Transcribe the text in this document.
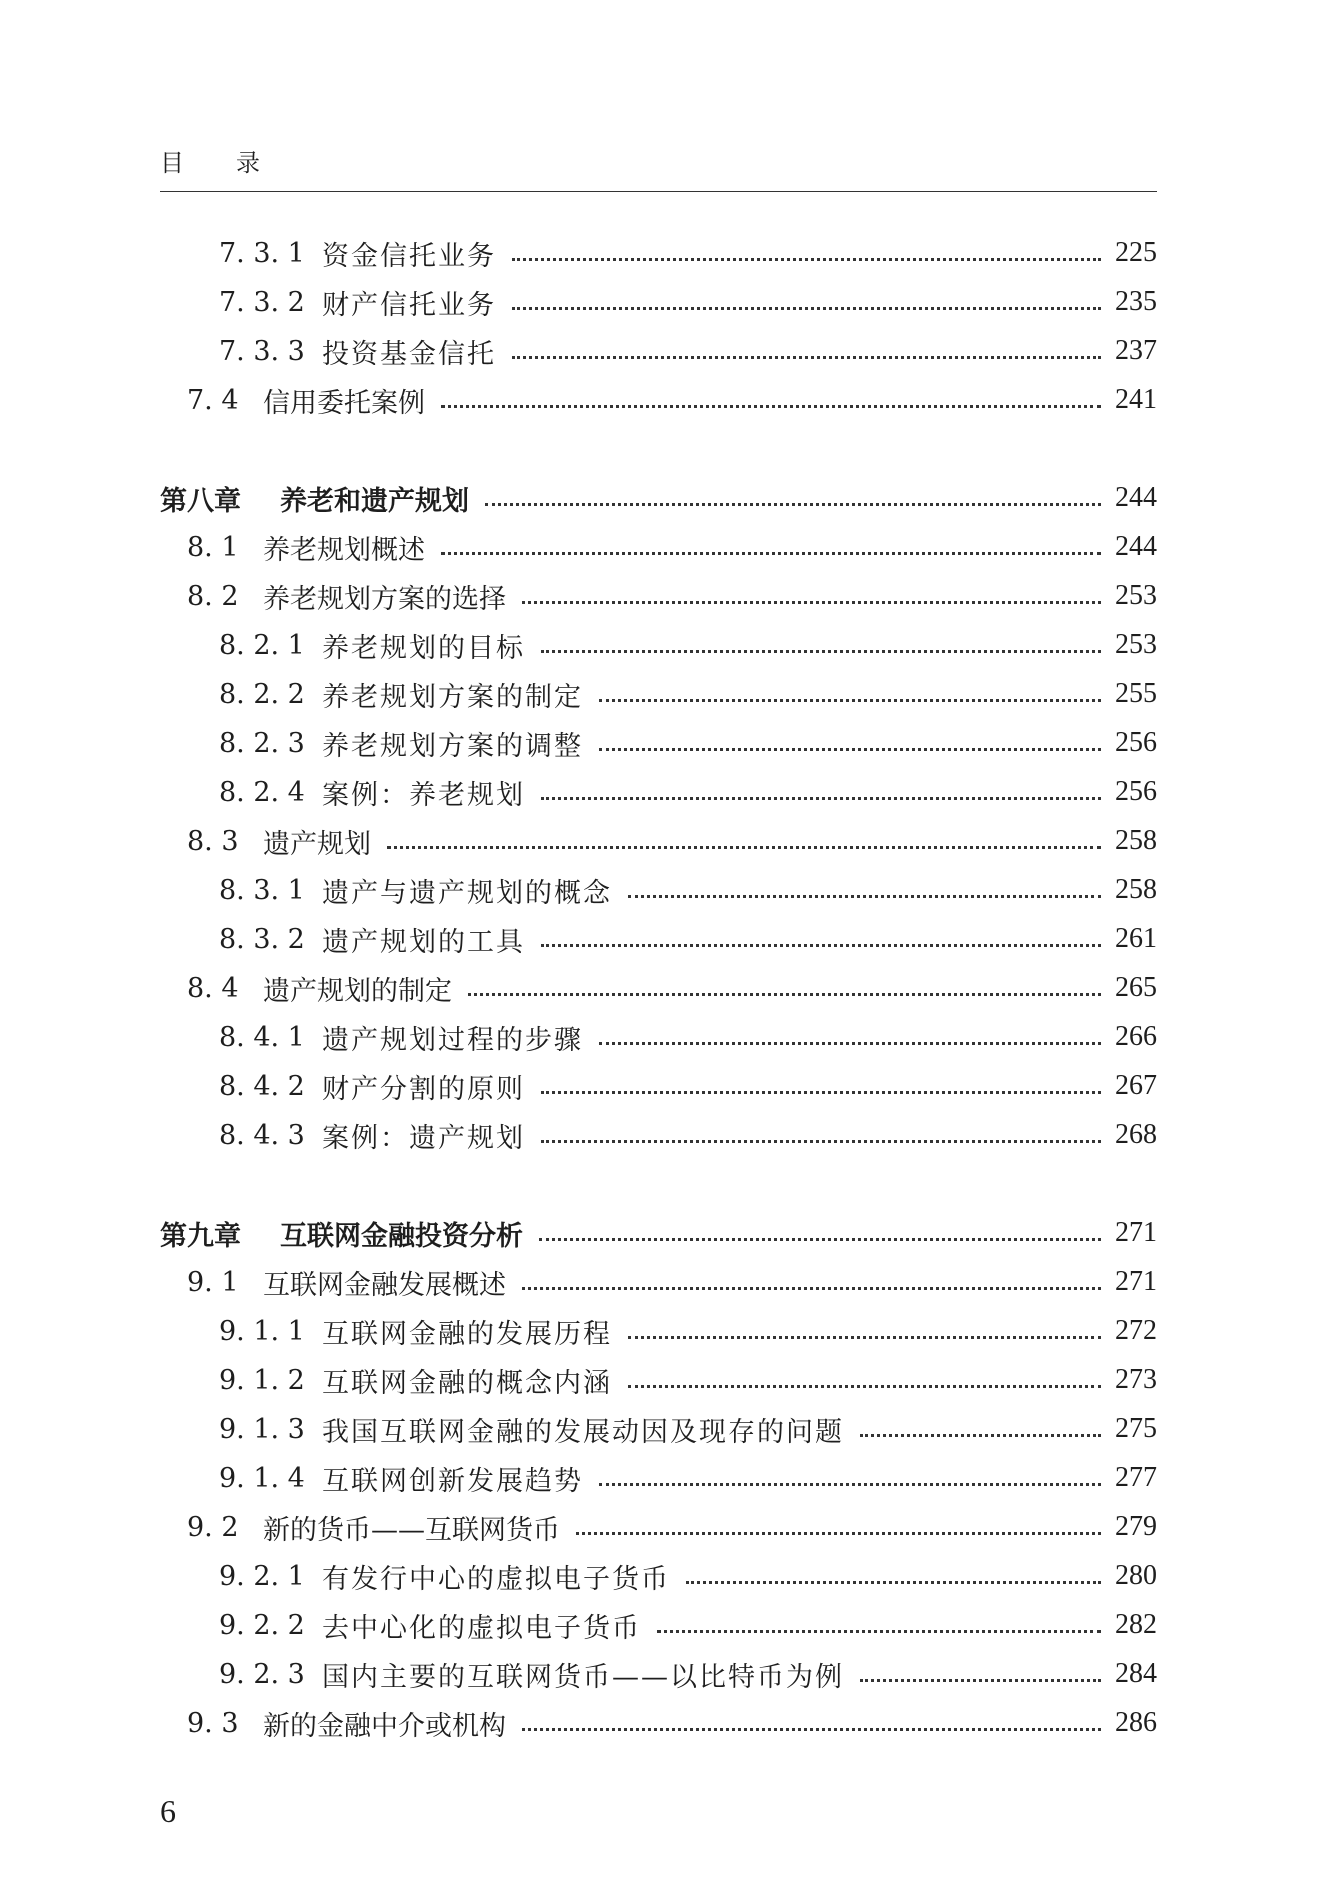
目 录
7. 3. 1 资金信托业务	225
7. 3. 2 财产信托业务	235
7. 3. 3 投资基金信托	237
7. 4 信用委托案例	241
第八章	养老和遗产规划	244
8. 1 养老规划概述	244
8. 2 养老规划方案的选择	253
8. 2. 1 养老规划的目标	253
8. 2. 2 养老规划方案的制定	255
8. 2. 3 养老规划方案的调整	256
8. 2. 4 案例：养老规划	256
8. 3 遗产规划	258
8. 3. 1 遗产与遗产规划的概念	258
8. 3. 2 遗产规划的工具	261
8. 4 遗产规划的制定	265
8. 4. 1 遗产规划过程的步骤	266
8. 4. 2 财产分割的原则	267
8. 4. 3 案例：遗产规划	268
第九章	互联网金融投资分析	271
9. 1 互联网金融发展概述	271
9. 1. 1 互联网金融的发展历程	272
9. 1. 2 互联网金融的概念内涵	273
9. 1. 3 我国互联网金融的发展动因及现存的问题	275
9. 1. 4 互联网创新发展趋势	277
9. 2 新的货币——互联网货币	279
9. 2. 1 有发行中心的虚拟电子货币	280
9. 2. 2 去中心化的虚拟电子货币	282
9. 2. 3 国内主要的互联网货币——以比特币为例	284
9. 3 新的金融中介或机构	286
6
